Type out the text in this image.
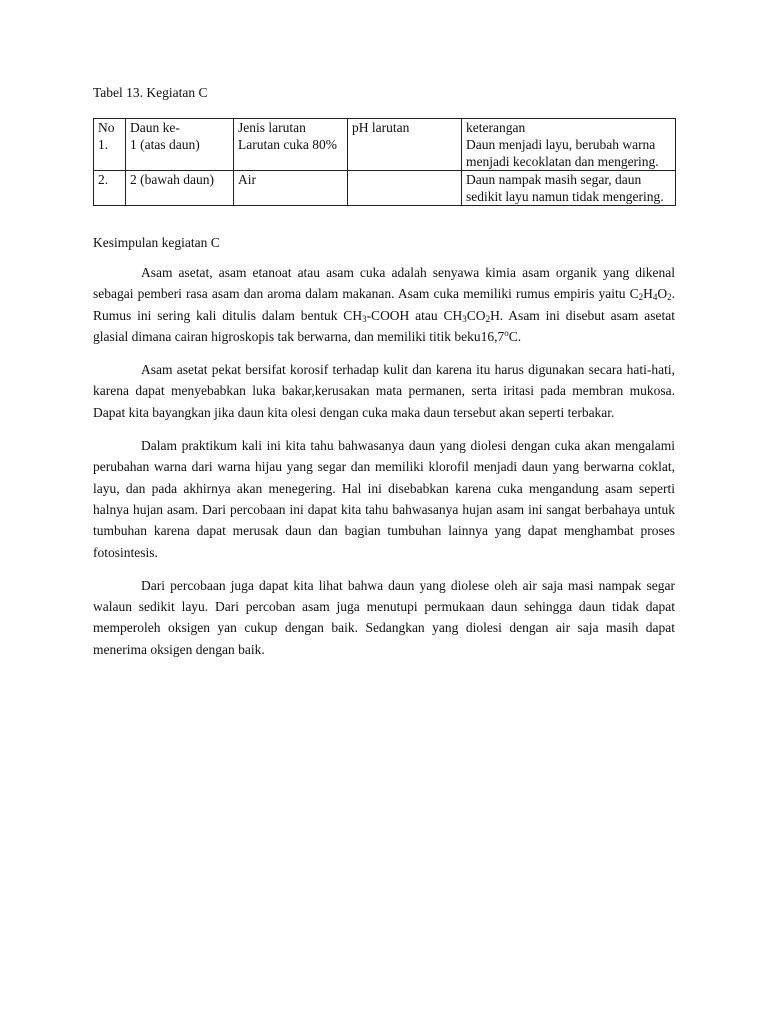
Tabel 13. Kegiatan C
No	Daun ke-	Jenis larutan	pH larutan	keterangan
1.	1 (atas daun)	Larutan cuka 80%		Daun menjadi layu, berubah warna menjadi kecoklatan dan mengering.
2.	2 (bawah daun)	Air		Daun nampak masih segar, daun sedikit layu namun tidak mengering.
Kesimpulan kegiatan C

Asam asetat, asam etanoat atau asam cuka adalah senyawa kimia asam organik yang dikenal sebagai pemberi rasa asam dan aroma dalam makanan. Asam cuka memiliki rumus empiris yaitu $C_2H_4O_2$. Rumus ini sering kali ditulis dalam bentuk $CH_3$-COOH atau $CH_3CO_2H$. Asam ini disebut asam asetat glasial dimana cairan higroskopis tak berwarna, dan memiliki titik beku16,7$^o$C.

Asam asetat pekat bersifat korosif terhadap kulit dan karena itu harus digunakan secara hati-hati, karena dapat menyebabkan luka bakar,kerusakan mata permanen, serta iritasi pada membran mukosa. Dapat kita bayangkan jika daun kita olesi dengan cuka maka daun tersebut akan seperti terbakar.

Dalam praktikum kali ini kita tahu bahwasanya daun yang diolesi dengan cuka akan mengalami perubahan warna dari warna hijau yang segar dan memiliki klorofil menjadi daun yang berwarna coklat, layu, dan pada akhirnya akan menegering. Hal ini disebabkan karena cuka mengandung asam seperti halnya hujan asam. Dari percobaan ini dapat kita tahu bahwasanya hujan asam ini sangat berbahaya untuk tumbuhan karena dapat merusak daun dan bagian tumbuhan lainnya yang dapat menghambat proses fotosintesis.

Dari percobaan juga dapat kita lihat bahwa daun yang diolese oleh air saja masi nampak segar walaun sedikit layu. Dari percoban asam juga menutupi permukaan daun sehingga daun tidak dapat memperoleh oksigen yan cukup dengan baik. Sedangkan yang diolesi dengan air saja masih dapat menerima oksigen dengan baik.
